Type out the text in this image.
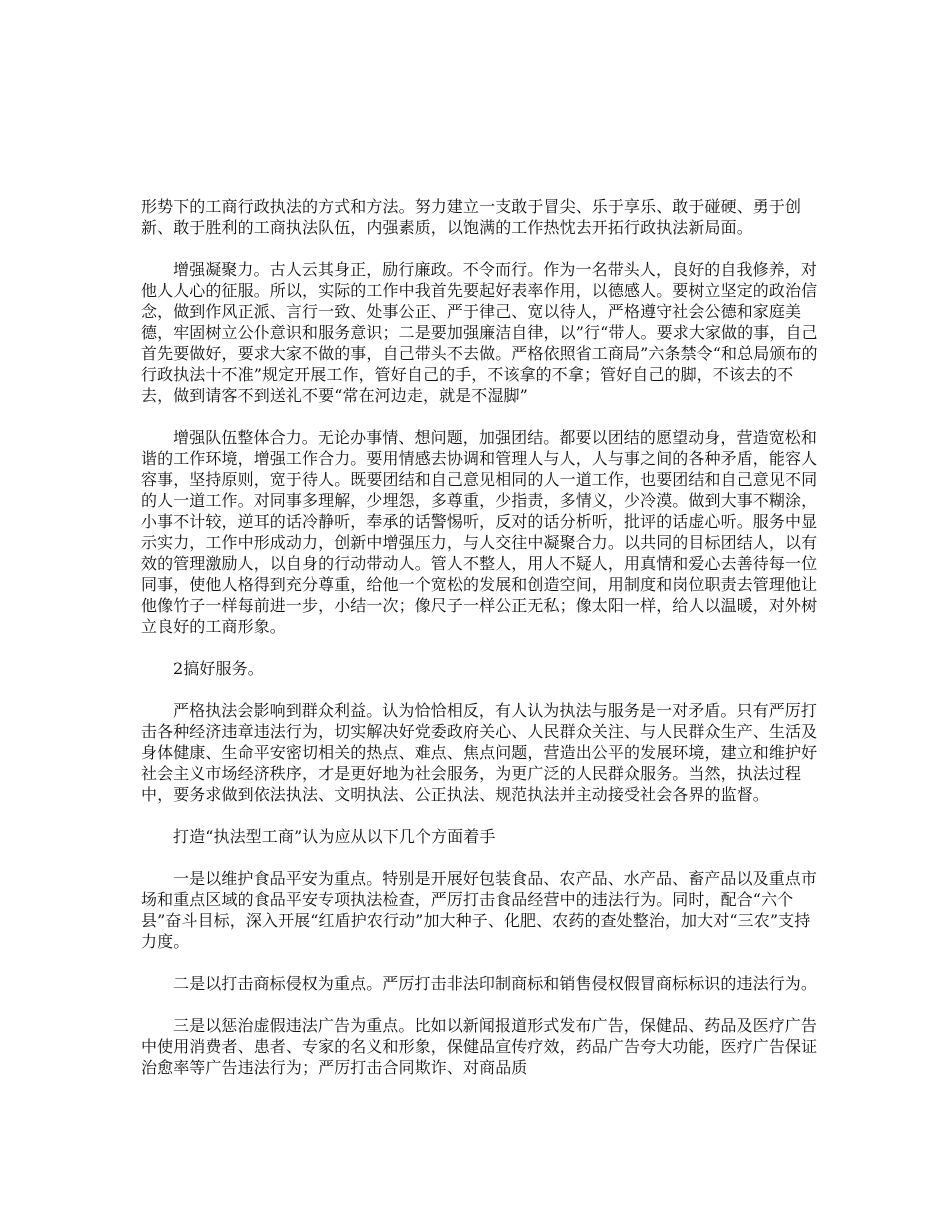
形势下的工商行政执法的方式和方法。努力建立一支敢于冒尖、乐于享乐、敢于碰硬、勇于创新、敢于胜利的工商执法队伍，内强素质，以饱满的工作热忱去开拓行政执法新局面。

增强凝聚力。古人云其身正，励行廉政。不令而行。作为一名带头人，良好的自我修养，对他人人心的征服。所以，实际的工作中我首先要起好表率作用，以德感人。要树立坚定的政治信念，做到作风正派、言行一致、处事公正、严于律己、宽以待人，严格遵守社会公德和家庭美德，牢固树立公仆意识和服务意识；二是要加强廉洁自律，以”行“带人。要求大家做的事，自己首先要做好，要求大家不做的事，自己带头不去做。严格依照省工商局”六条禁令“和总局颁布的行政执法十不准”规定开展工作，管好自己的手，不该拿的不拿；管好自己的脚，不该去的不去，做到请客不到送礼不要“常在河边走，就是不湿脚”

增强队伍整体合力。无论办事情、想问题，加强团结。都要以团结的愿望动身，营造宽松和谐的工作环境，增强工作合力。要用情感去协调和管理人与人，人与事之间的各种矛盾，能容人容事，坚持原则，宽于待人。既要团结和自己意见相同的人一道工作，也要团结和自己意见不同的人一道工作。对同事多理解，少埋怨，多尊重，少指责，多情义，少冷漠。做到大事不糊涂，小事不计较，逆耳的话冷静听，奉承的话警惕听，反对的话分析听，批评的话虚心听。服务中显示实力，工作中形成动力，创新中增强压力，与人交往中凝聚合力。以共同的目标团结人，以有效的管理激励人，以自身的行动带动人。管人不整人，用人不疑人，用真情和爱心去善待每一位同事，使他人格得到充分尊重，给他一个宽松的发展和创造空间，用制度和岗位职责去管理他让他像竹子一样每前进一步，小结一次；像尺子一样公正无私；像太阳一样，给人以温暖，对外树立良好的工商形象。

2搞好服务。

严格执法会影响到群众利益。认为恰恰相反，有人认为执法与服务是一对矛盾。只有严厉打击各种经济违章违法行为，切实解决好党委政府关心、人民群众关注、与人民群众生产、生活及身体健康、生命平安密切相关的热点、难点、焦点问题，营造出公平的发展环境，建立和维护好社会主义市场经济秩序，才是更好地为社会服务，为更广泛的人民群众服务。当然，执法过程中，要务求做到依法执法、文明执法、公正执法、规范执法并主动接受社会各界的监督。

打造“执法型工商”认为应从以下几个方面着手

一是以维护食品平安为重点。特别是开展好包装食品、农产品、水产品、畜产品以及重点市场和重点区域的食品平安专项执法检查，严厉打击食品经营中的违法行为。同时，配合“六个县”奋斗目标，深入开展“红盾护农行动”加大种子、化肥、农药的查处整治，加大对“三农”支持力度。

二是以打击商标侵权为重点。严厉打击非法印制商标和销售侵权假冒商标标识的违法行为。

三是以惩治虚假违法广告为重点。比如以新闻报道形式发布广告，保健品、药品及医疗广告中使用消费者、患者、专家的名义和形象，保健品宣传疗效，药品广告夸大功能，医疗广告保证治愈率等广告违法行为；严厉打击合同欺诈、对商品质
